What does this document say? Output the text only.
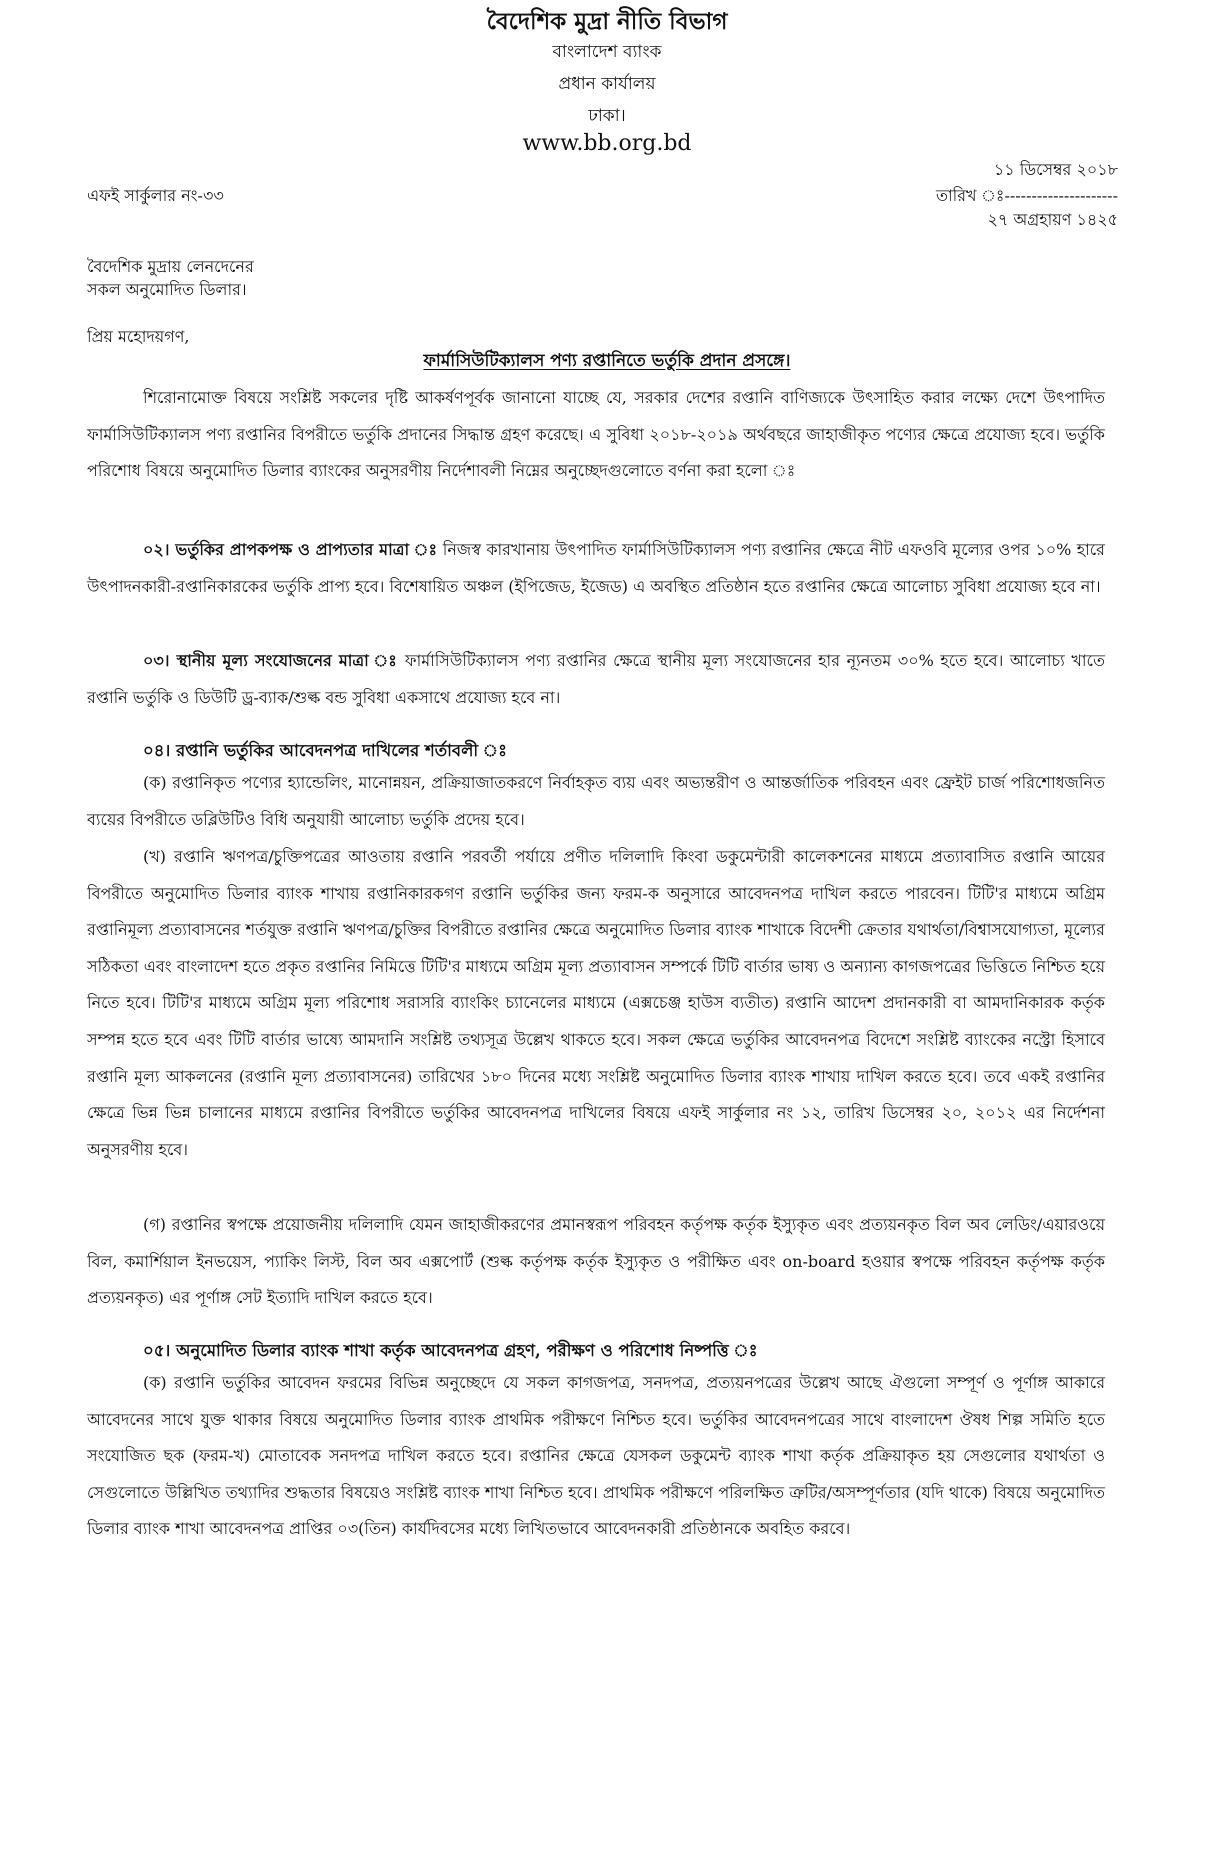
বৈদেশিক মুদ্রা নীতি বিভাগ
বাংলাদেশ ব্যাংক
প্রধান কার্যালয়
ঢাকা।
www.bb.org.bd
১১ ডিসেম্বর ২০১৮
এফই সার্কুলার নং-৩৩	তারিখ ঃ---------------------
২৭ অগ্রহায়ণ ১৪২৫
বৈদেশিক মুদ্রায় লেনদেনের
সকল অনুমোদিত ডিলার।
প্রিয় মহোদয়গণ,
ফার্মাসিউটিক্যালস পণ্য রপ্তানিতে ভর্তুকি প্রদান প্রসঙ্গে।

শিরোনামোক্ত বিষয়ে সংশ্লিষ্ট সকলের দৃষ্টি আকর্ষণপূর্বক জানানো যাচ্ছে যে, সরকার দেশের রপ্তানি বাণিজ্যকে উৎসাহিত করার লক্ষ্যে দেশে উৎপাদিত ফার্মাসিউটিক্যালস পণ্য রপ্তানির বিপরীতে ভর্তুকি প্রদানের সিদ্ধান্ত গ্রহণ করেছে। এ সুবিধা ২০১৮-২০১৯ অর্থবছরে জাহাজীকৃত পণ্যের ক্ষেত্রে প্রযোজ্য হবে। ভর্তুকি পরিশোধ বিষয়ে অনুমোদিত ডিলার ব্যাংকের অনুসরণীয় নির্দেশাবলী নিম্নের অনুচ্ছেদগুলোতে বর্ণনা করা হলো ঃ

০২। ভর্তুকির প্রাপকপক্ষ ও প্রাপ্যতার মাত্রা ঃ নিজস্ব কারখানায় উৎপাদিত ফার্মাসিউটিক্যালস পণ্য রপ্তানির ক্ষেত্রে নীট এফওবি মূল্যের ওপর ১০% হারে উৎপাদনকারী-রপ্তানিকারকের ভর্তুকি প্রাপ্য হবে। বিশেষায়িত অঞ্চল (ইপিজেড, ইজেড) এ অবস্থিত প্রতিষ্ঠান হতে রপ্তানির ক্ষেত্রে আলোচ্য সুবিধা প্রযোজ্য হবে না।

০৩। স্থানীয় মূল্য সংযোজনের মাত্রা ঃ ফার্মাসিউটিক্যালস পণ্য রপ্তানির ক্ষেত্রে স্থানীয় মূল্য সংযোজনের হার ন্যূনতম ৩০% হতে হবে। আলোচ্য খাতে রপ্তানি ভর্তুকি ও ডিউটি ড্র-ব্যাক/শুল্ক বন্ড সুবিধা একসাথে প্রযোজ্য হবে না।

০৪। রপ্তানি ভর্তুকির আবেদনপত্র দাখিলের শর্তাবলী ঃ

(ক) রপ্তানিকৃত পণ্যের হ্যান্ডেলিং, মানোন্নয়ন, প্রক্রিয়াজাতকরণে নির্বাহকৃত ব্যয় এবং অভ্যন্তরীণ ও আন্তর্জাতিক পরিবহন এবং ফ্রেইট চার্জ পরিশোধজনিত ব্যয়ের বিপরীতে ডব্লিউটিও বিধি অনুযায়ী আলোচ্য ভর্তুকি প্রদেয় হবে।

(খ) রপ্তানি ঋণপত্র/চুক্তিপত্রের আওতায় রপ্তানি পরবর্তী পর্যায়ে প্রণীত দলিলাদি কিংবা ডকুমেন্টারী কালেকশনের মাধ্যমে প্রত্যাবাসিত রপ্তানি আয়ের বিপরীতে অনুমোদিত ডিলার ব্যাংক শাখায় রপ্তানিকারকগণ রপ্তানি ভর্তুকির জন্য ফরম-ক অনুসারে আবেদনপত্র দাখিল করতে পারবেন। টিটি'র মাধ্যমে অগ্রিম রপ্তানিমূল্য প্রত্যাবাসনের শর্তযুক্ত রপ্তানি ঋণপত্র/চুক্তির বিপরীতে রপ্তানির ক্ষেত্রে অনুমোদিত ডিলার ব্যাংক শাখাকে বিদেশী ক্রেতার যথার্থতা/বিশ্বাসযোগ্যতা, মূল্যের সঠিকতা এবং বাংলাদেশ হতে প্রকৃত রপ্তানির নিমিত্তে টিটি'র মাধ্যমে অগ্রিম মূল্য প্রত্যাবাসন সম্পর্কে টিটি বার্তার ভাষ্য ও অন্যান্য কাগজপত্রের ভিত্তিতে নিশ্চিত হয়ে নিতে হবে। টিটি'র মাধ্যমে অগ্রিম মূল্য পরিশোধ সরাসরি ব্যাংকিং চ্যানেলের মাধ্যমে (এক্সচেঞ্জ হাউস ব্যতীত) রপ্তানি আদেশ প্রদানকারী বা আমদানিকারক কর্তৃক সম্পন্ন হতে হবে এবং টিটি বার্তার ভাষ্যে আমদানি সংশ্লিষ্ট তথ্যসূত্র উল্লেখ থাকতে হবে। সকল ক্ষেত্রে ভর্তুকির আবেদনপত্র বিদেশে সংশ্লিষ্ট ব্যাংকের নস্ট্রো হিসাবে রপ্তানি মূল্য আকলনের (রপ্তানি মূল্য প্রত্যাবাসনের) তারিখের ১৮০ দিনের মধ্যে সংশ্লিষ্ট অনুমোদিত ডিলার ব্যাংক শাখায় দাখিল করতে হবে। তবে একই রপ্তানির ক্ষেত্রে ভিন্ন ভিন্ন চালানের মাধ্যমে রপ্তানির বিপরীতে ভর্তুকির আবেদনপত্র দাখিলের বিষয়ে এফই সার্কুলার নং ১২, তারিখ ডিসেম্বর ২০, ২০১২ এর নির্দেশনা অনুসরণীয় হবে।

(গ) রপ্তানির স্বপক্ষে প্রয়োজনীয় দলিলাদি যেমন জাহাজীকরণের প্রমানস্বরূপ পরিবহন কর্তৃপক্ষ কর্তৃক ইস্যুকৃত এবং প্রত্যয়নকৃত বিল অব লেডিং/এয়ারওয়ে বিল, কমার্শিয়াল ইনভয়েস, প্যাকিং লিস্ট, বিল অব এক্সপোর্ট (শুল্ক কর্তৃপক্ষ কর্তৃক ইস্যুকৃত ও পরীক্ষিত এবং on-board হওয়ার স্বপক্ষে পরিবহন কর্তৃপক্ষ কর্তৃক প্রত্যয়নকৃত) এর পূর্ণাঙ্গ সেট ইত্যাদি দাখিল করতে হবে।

০৫। অনুমোদিত ডিলার ব্যাংক শাখা কর্তৃক আবেদনপত্র গ্রহণ, পরীক্ষণ ও পরিশোধ নিষ্পত্তি ঃ

(ক) রপ্তানি ভর্তুকির আবেদন ফরমের বিভিন্ন অনুচ্ছেদে যে সকল কাগজপত্র, সনদপত্র, প্রত্যয়নপত্রের উল্লেখ আছে ঐগুলো সম্পূর্ণ ও পূর্ণাঙ্গ আকারে আবেদনের সাথে যুক্ত থাকার বিষয়ে অনুমোদিত ডিলার ব্যাংক প্রাথমিক পরীক্ষণে নিশ্চিত হবে। ভর্তুকির আবেদনপত্রের সাথে বাংলাদেশ ঔষধ শিল্প সমিতি হতে সংযোজিত ছক (ফরম-খ) মোতাবেক সনদপত্র দাখিল করতে হবে। রপ্তানির ক্ষেত্রে যেসকল ডকুমেন্ট ব্যাংক শাখা কর্তৃক প্রক্রিয়াকৃত হয় সেগুলোর যথার্থতা ও সেগুলোতে উল্লিখিত তথ্যাদির শুদ্ধতার বিষয়েও সংশ্লিষ্ট ব্যাংক শাখা নিশ্চিত হবে। প্রাথমিক পরীক্ষণে পরিলক্ষিত ত্রুটির/অসম্পূর্ণতার (যদি থাকে) বিষয়ে অনুমোদিত ডিলার ব্যাংক শাখা আবেদনপত্র প্রাপ্তির ০৩(তিন) কার্যদিবসের মধ্যে লিখিতভাবে আবেদনকারী প্রতিষ্ঠানকে অবহিত করবে।
